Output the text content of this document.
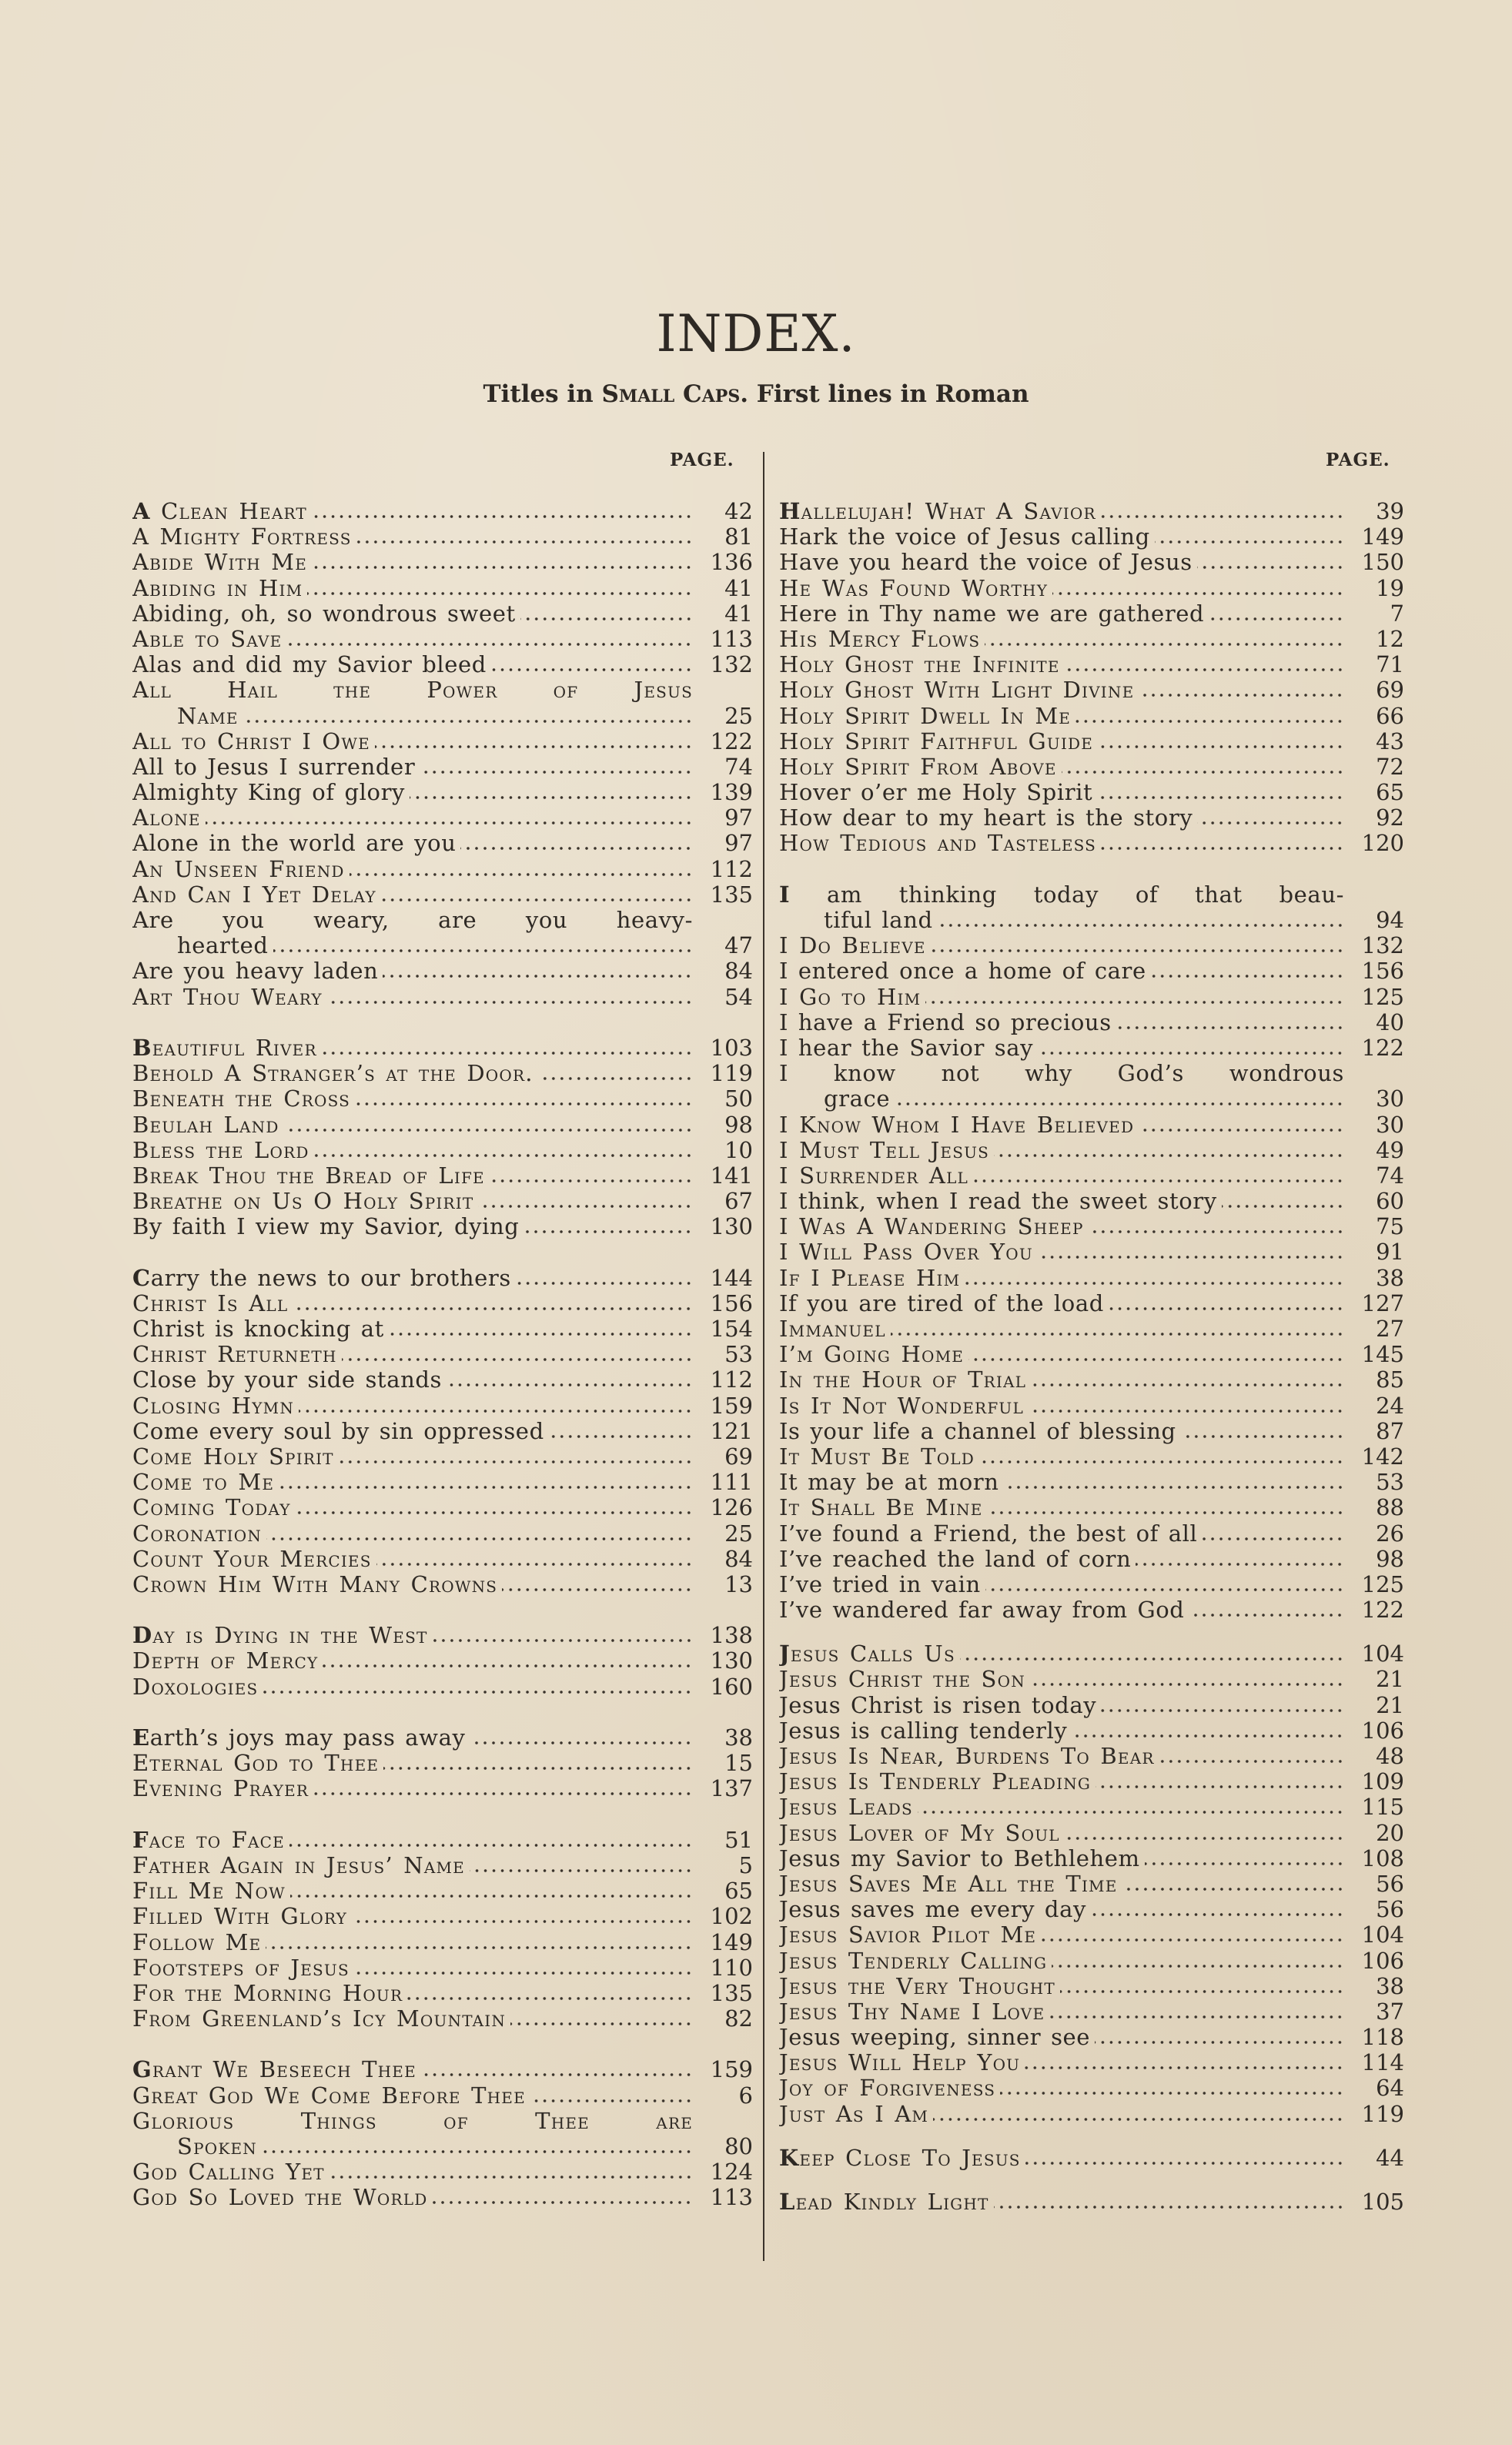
INDEX.
Titles in Small Caps. First lines in Roman
PAGE.	PAGE.
A Clean Heart	42
A Mighty Fortress	81
Abide With Me	136
Abiding in Him	41
Abiding, oh, so wondrous sweet	41
Able to Save	113
Alas and did my Savior bleed	132
All Hail the Power of Jesus
Name	25
All to Christ I Owe	122
All to Jesus I surrender	74
Almighty King of glory	139
Alone	97
Alone in the world are you	97
An Unseen Friend	112
And Can I Yet Delay	135
Are you weary, are you heavy-
hearted	47
Are you heavy laden	84
Art Thou Weary	54
Beautiful River	103
Behold A Stranger’s at the Door.	119
Beneath the Cross	50
Beulah Land	98
Bless the Lord	10
Break Thou the Bread of Life	141
Breathe on Us O Holy Spirit	67
By faith I view my Savior, dying	130
Carry the news to our brothers	144
Christ Is All	156
Christ is knocking at	154
Christ Returneth	53
Close by your side stands	112
Closing Hymn	159
Come every soul by sin oppressed	121
Come Holy Spirit	69
Come to Me	111
Coming Today	126
Coronation	25
Count Your Mercies	84
Crown Him With Many Crowns	13
Day is Dying in the West	138
Depth of Mercy	130
Doxologies	160
Earth’s joys may pass away	38
Eternal God to Thee	15
Evening Prayer	137
Face to Face	51
Father Again in Jesus’ Name	5
Fill Me Now	65
Filled With Glory	102
Follow Me	149
Footsteps of Jesus	110
For the Morning Hour	135
From Greenland’s Icy Mountain	82
Grant We Beseech Thee	159
Great God We Come Before Thee	6
Glorious Things of Thee are
Spoken	80
God Calling Yet	124
God So Loved the World	113
Hallelujah! What A Savior	39
Hark the voice of Jesus calling	149
Have you heard the voice of Jesus	150
He Was Found Worthy	19
Here in Thy name we are gathered	7
His Mercy Flows	12
Holy Ghost the Infinite	71
Holy Ghost With Light Divine	69
Holy Spirit Dwell In Me	66
Holy Spirit Faithful Guide	43
Holy Spirit From Above	72
Hover o’er me Holy Spirit	65
How dear to my heart is the story	92
How Tedious and Tasteless	120
I am thinking today of that beau-
tiful land	94
I Do Believe	132
I entered once a home of care	156
I Go to Him	125
I have a Friend so precious	40
I hear the Savior say	122
I know not why God’s wondrous
grace	30
I Know Whom I Have Believed	30
I Must Tell Jesus	49
I Surrender All	74
I think, when I read the sweet story	60
I Was A Wandering Sheep	75
I Will Pass Over You	91
If I Please Him	38
If you are tired of the load	127
Immanuel	27
I’m Going Home	145
In the Hour of Trial	85
Is It Not Wonderful	24
Is your life a channel of blessing	87
It Must Be Told	142
It may be at morn	53
It Shall Be Mine	88
I’ve found a Friend, the best of all	26
I’ve reached the land of corn	98
I’ve tried in vain	125
I’ve wandered far away from God	122
Jesus Calls Us	104
Jesus Christ the Son	21
Jesus Christ is risen today	21
Jesus is calling tenderly	106
Jesus Is Near, Burdens To Bear	48
Jesus Is Tenderly Pleading	109
Jesus Leads	115
Jesus Lover of My Soul	20
Jesus my Savior to Bethlehem	108
Jesus Saves Me All the Time	56
Jesus saves me every day	56
Jesus Savior Pilot Me	104
Jesus Tenderly Calling	106
Jesus the Very Thought	38
Jesus Thy Name I Love	37
Jesus weeping, sinner see	118
Jesus Will Help You	114
Joy of Forgiveness	64
Just As I Am	119
Keep Close To Jesus	44
Lead Kindly Light	105
